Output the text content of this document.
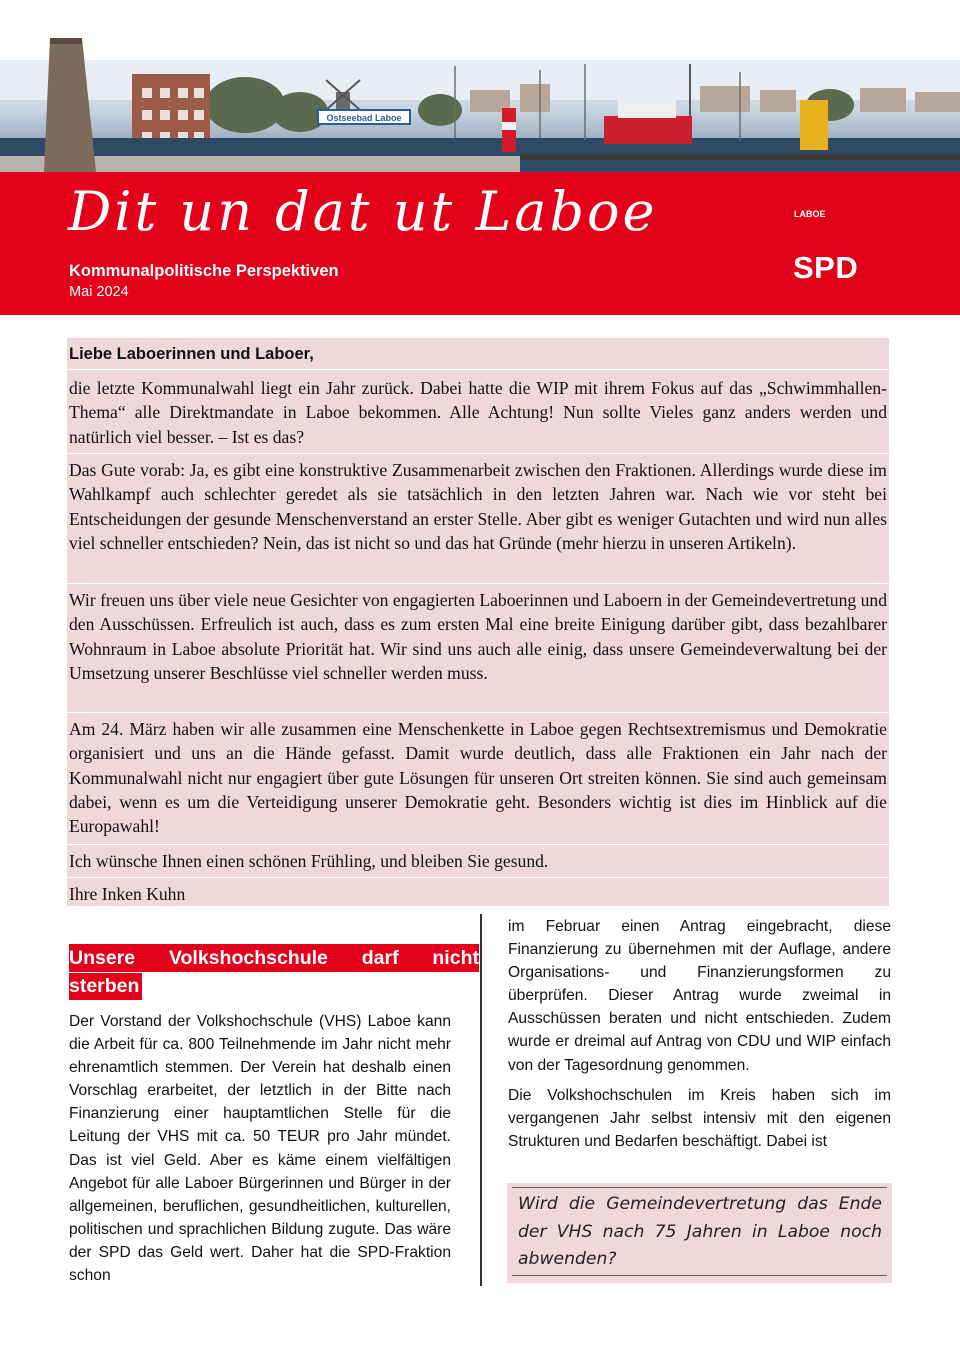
Ostseebad Laboe
Dit un dat ut Laboe
Kommunalpolitische Perspektiven
Mai 2024
LABOE
SPD

Liebe Laboerinnen und Laboer,

die letzte Kommunalwahl liegt ein Jahr zurück. Dabei hatte die WIP mit ihrem Fokus auf das „Schwimmhallen-Thema“ alle Direktmandate in Laboe bekommen. Alle Achtung! Nun sollte Vieles ganz anders werden und natürlich viel besser. – Ist es das?

Das Gute vorab: Ja, es gibt eine konstruktive Zusammenarbeit zwischen den Fraktionen. Allerdings wurde diese im Wahlkampf auch schlechter geredet als sie tatsächlich in den letzten Jahren war. Nach wie vor steht bei Entscheidungen der gesunde Menschenverstand an erster Stelle. Aber gibt es weniger Gutachten und wird nun alles viel schneller entschieden? Nein, das ist nicht so und das hat Gründe (mehr hierzu in unseren Artikeln).

Wir freuen uns über viele neue Gesichter von engagierten Laboerinnen und Laboern in der Gemeindevertretung und den Ausschüssen. Erfreulich ist auch, dass es zum ersten Mal eine breite Einigung darüber gibt, dass bezahlbarer Wohnraum in Laboe absolute Priorität hat. Wir sind uns auch alle einig, dass unsere Gemeindeverwaltung bei der Umsetzung unserer Beschlüsse viel schneller werden muss.

Am 24. März haben wir alle zusammen eine Menschenkette in Laboe gegen Rechtsextremismus und Demokratie organisiert und uns an die Hände gefasst. Damit wurde deutlich, dass alle Fraktionen ein Jahr nach der Kommunalwahl nicht nur engagiert über gute Lösungen für unseren Ort streiten können. Sie sind auch gemeinsam dabei, wenn es um die Verteidigung unserer Demokratie geht. Besonders wichtig ist dies im Hinblick auf die Europawahl!

Ich wünsche Ihnen einen schönen Frühling, und bleiben Sie gesund.

Ihre Inken Kuhn

Unsere Volkshochschule darf nicht
sterben

Der Vorstand der Volkshochschule (VHS) Laboe kann die Arbeit für ca. 800 Teilnehmende im Jahr nicht mehr ehrenamtlich stemmen. Der Verein hat deshalb einen Vorschlag erarbeitet, der letztlich in der Bitte nach Finanzierung einer hauptamtlichen Stelle für die Leitung der VHS mit ca. 50 TEUR pro Jahr mündet. Das ist viel Geld. Aber es käme einem vielfältigen Angebot für alle Laboer Bürgerinnen und Bürger in der allgemeinen, beruflichen, gesundheitlichen, kulturellen, politischen und sprachlichen Bildung zugute. Das wäre der SPD das Geld wert. Daher hat die SPD-Fraktion schon

im Februar einen Antrag eingebracht, diese Finanzierung zu übernehmen mit der Auflage, andere Organisations- und Finanzierungsformen zu überprüfen. Dieser Antrag wurde zweimal in Ausschüssen beraten und nicht entschieden. Zudem wurde er dreimal auf Antrag von CDU und WIP einfach von der Tagesordnung genommen.

Die Volkshochschulen im Kreis haben sich im vergangenen Jahr selbst intensiv mit den eigenen Strukturen und Bedarfen beschäftigt. Dabei ist

Wird die Gemeindevertretung das Ende der VHS nach 75 Jahren in Laboe noch abwenden?
